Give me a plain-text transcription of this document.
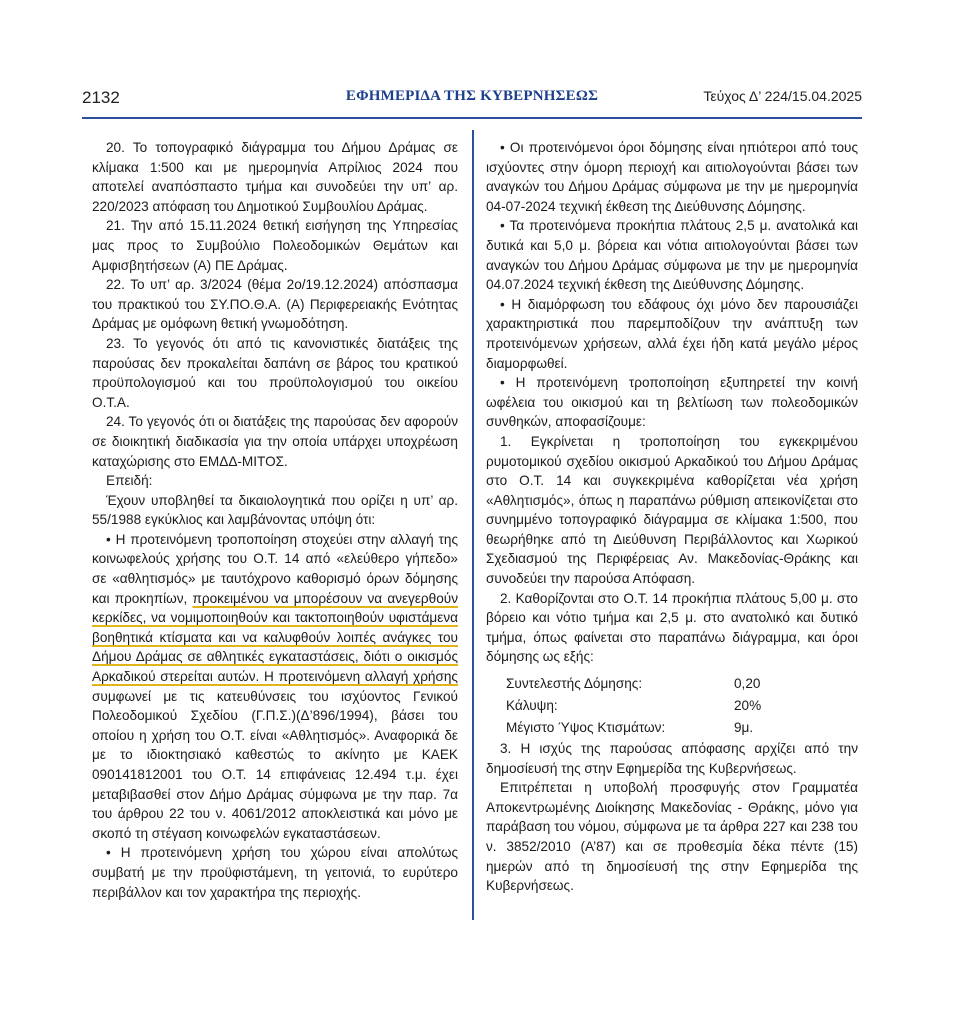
2132	ΕΦΗΜΕΡΙΔΑ ΤΗΣ ΚΥΒΕΡΝΗΣΕΩΣ	Τεύχος Δ’ 224/15.04.2025

20. Το τοπογραφικό διάγραμμα του Δήμου Δράμας σε κλίμακα 1:500 και με ημερομηνία Απρίλιος 2024 που αποτελεί αναπόσπαστο τμήμα και συνοδεύει την υπ’ αρ. 220/2023 απόφαση του Δημοτικού Συμβουλίου Δράμας.

21. Την από 15.11.2024 θετική εισήγηση της Υπηρεσίας μας προς το Συμβούλιο Πολεοδομικών Θεμάτων και Αμφισβητήσεων (Α) ΠΕ Δράμας.

22. Το υπ’ αρ. 3/2024 (θέμα 2ο/19.12.2024) απόσπασμα του πρακτικού του ΣΥ.ΠΟ.Θ.Α. (Α) Περιφερειακής Ενότητας Δράμας με ομόφωνη θετική γνωμοδότηση.

23. Το γεγονός ότι από τις κανονιστικές διατάξεις της παρούσας δεν προκαλείται δαπάνη σε βάρος του κρατικού προϋπολογισμού και του προϋπολογισμού του οικείου Ο.Τ.Α.

24. Το γεγονός ότι οι διατάξεις της παρούσας δεν αφορούν σε διοικητική διαδικασία για την οποία υπάρχει υποχρέωση καταχώρισης στο ΕΜΔΔ-ΜΙΤΟΣ.

Επειδή:

Έχουν υποβληθεί τα δικαιολογητικά που ορίζει η υπ’ αρ. 55/1988 εγκύκλιος και λαμβάνοντας υπόψη ότι:

• Η προτεινόμενη τροποποίηση στοχεύει στην αλλαγή της κοινωφελούς χρήσης του Ο.Τ. 14 από «ελεύθερο γήπεδο» σε «αθλητισμός» με ταυτόχρονο καθορισμό όρων δόμησης και προκηπίων, προκειμένου να μπορέσουν να ανεγερθούν κερκίδες, να νομιμοποιηθούν και τακτοποιηθούν υφιστάμενα βοηθητικά κτίσματα και να καλυφθούν λοιπές ανάγκες του Δήμου Δράμας σε αθλητικές εγκαταστάσεις, διότι ο οικισμός Αρκαδικού στερείται αυτών. Η προτεινόμενη αλλαγή χρήσης συμφωνεί με τις κατευθύνσεις του ισχύοντος Γενικού Πολεοδομικού Σχεδίου (Γ.Π.Σ.)(Δ’896/1994), βάσει του οποίου η χρήση του Ο.Τ. είναι «Αθλητισμός». Αναφορικά δε με το ιδιοκτησιακό καθεστώς το ακίνητο με ΚΑΕΚ 090141812001 του Ο.Τ. 14 επιφάνειας 12.494 τ.μ. έχει μεταβιβασθεί στον Δήμο Δράμας σύμφωνα με την παρ. 7α του άρθρου 22 του ν. 4061/2012 αποκλειστικά και μόνο με σκοπό τη στέγαση κοινωφελών εγκαταστάσεων.

• Η προτεινόμενη χρήση του χώρου είναι απολύτως συμβατή με την προϋφιστάμενη, τη γειτονιά, το ευρύτερο περιβάλλον και τον χαρακτήρα της περιοχής.

• Οι προτεινόμενοι όροι δόμησης είναι ηπιότεροι από τους ισχύοντες στην όμορη περιοχή και αιτιολογούνται βάσει των αναγκών του Δήμου Δράμας σύμφωνα με την με ημερομηνία 04-07-2024 τεχνική έκθεση της Διεύθυνσης Δόμησης.

• Τα προτεινόμενα προκήπια πλάτους 2,5 μ. ανατολικά και δυτικά και 5,0 μ. βόρεια και νότια αιτιολογούνται βάσει των αναγκών του Δήμου Δράμας σύμφωνα με την με ημερομηνία 04.07.2024 τεχνική έκθεση της Διεύθυνσης Δόμησης.

• Η διαμόρφωση του εδάφους όχι μόνο δεν παρουσιάζει χαρακτηριστικά που παρεμποδίζουν την ανάπτυξη των προτεινόμενων χρήσεων, αλλά έχει ήδη κατά μεγάλο μέρος διαμορφωθεί.

• Η προτεινόμενη τροποποίηση εξυπηρετεί την κοινή ωφέλεια του οικισμού και τη βελτίωση των πολεοδομικών συνθηκών, αποφασίζουμε:

1. Εγκρίνεται η τροποποίηση του εγκεκριμένου ρυμοτομικού σχεδίου οικισμού Αρκαδικού του Δήμου Δράμας στο Ο.Τ. 14 και συγκεκριμένα καθορίζεται νέα χρήση «Αθλητισμός», όπως η παραπάνω ρύθμιση απεικονίζεται στο συνημμένο τοπογραφικό διάγραμμα σε κλίμακα 1:500, που θεωρήθηκε από τη Διεύθυνση Περιβάλλοντος και Χωρικού Σχεδιασμού της Περιφέρειας Αν. Μακεδονίας-Θράκης και συνοδεύει την παρούσα Απόφαση.

2. Καθορίζονται στο Ο.Τ. 14 προκήπια πλάτους 5,00 μ. στο βόρειο και νότιο τμήμα και 2,5 μ. στο ανατολικό και δυτικό τμήμα, όπως φαίνεται στο παραπάνω διάγραμμα, και όροι δόμησης ως εξής:

Συντελεστής Δόμησης:	0,20
Κάλυψη:	20%
Μέγιστο Ύψος Κτισμάτων:	9μ.

3. Η ισχύς της παρούσας απόφασης αρχίζει από την δημοσίευσή της στην Εφημερίδα της Κυβερνήσεως.

Επιτρέπεται η υποβολή προσφυγής στον Γραμματέα Αποκεντρωμένης Διοίκησης Μακεδονίας - Θράκης, μόνο για παράβαση του νόμου, σύμφωνα με τα άρθρα 227 και 238 του ν. 3852/2010 (Α’87) και σε προθεσμία δέκα πέντε (15) ημερών από τη δημοσίευσή της στην Εφημερίδα της Κυβερνήσεως.
